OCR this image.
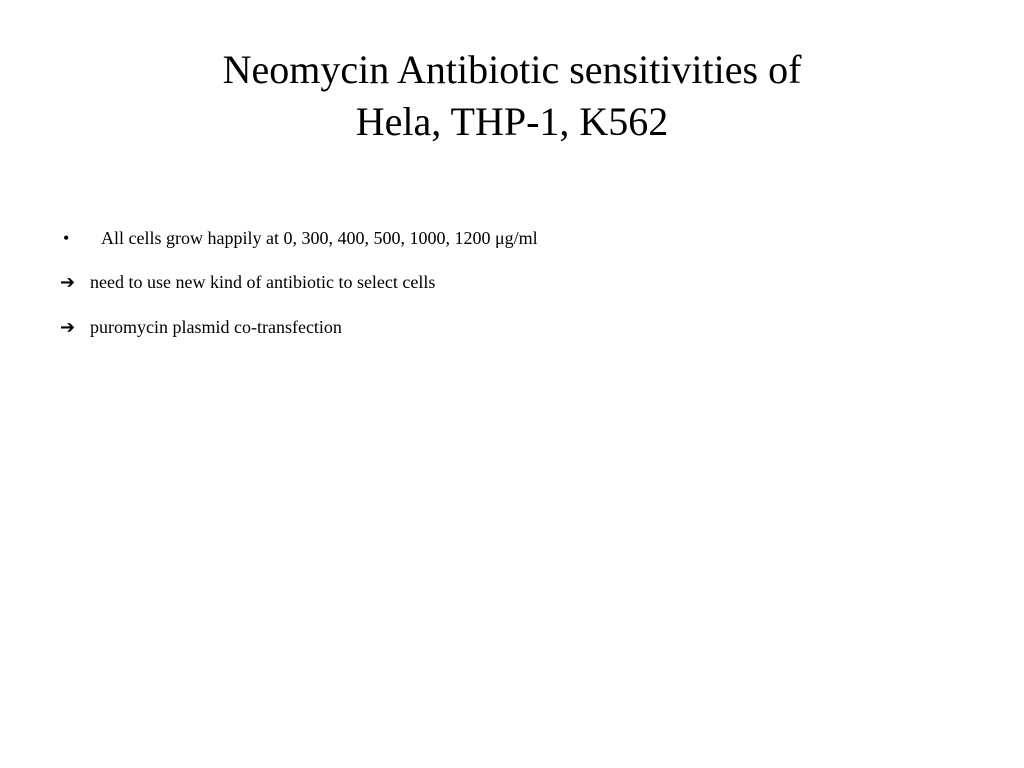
Neomycin Antibiotic sensitivities of
Hela, THP-1, K562
•	All cells grow happily at 0, 300, 400, 500, 1000, 1200 μg/ml
➔ need to use new kind of antibiotic to select cells
➔ puromycin plasmid co-transfection
